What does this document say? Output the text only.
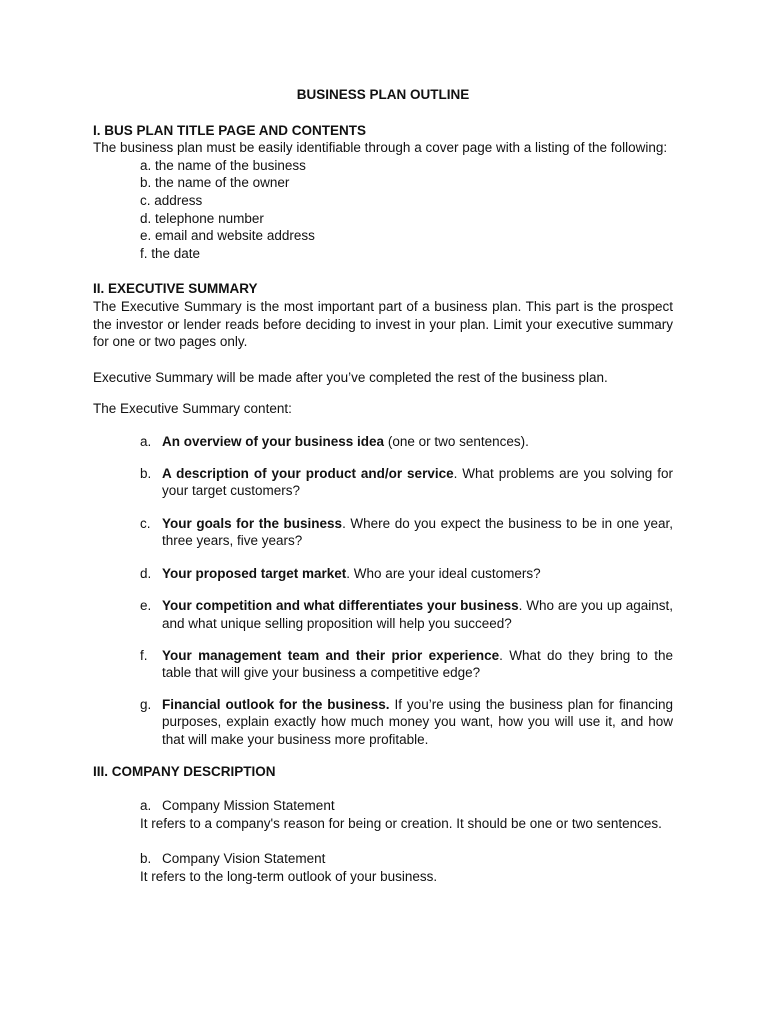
BUSINESS PLAN OUTLINE
I. BUS PLAN TITLE PAGE AND CONTENTS
The business plan must be easily identifiable through a cover page with a listing of the following:
a. the name of the business
b. the name of the owner
c. address
d. telephone number
e. email and website address
f. the date
II. EXECUTIVE SUMMARY
The Executive Summary is the most important part of a business plan. This part is the prospect the investor or lender reads before deciding to invest in your plan. Limit your executive summary for one or two pages only.
Executive Summary will be made after you’ve completed the rest of the business plan.
The Executive Summary content:
a. An overview of your business idea (one or two sentences).
b. A description of your product and/or service. What problems are you solving for your target customers?
c. Your goals for the business. Where do you expect the business to be in one year, three years, five years?
d. Your proposed target market. Who are your ideal customers?
e. Your competition and what differentiates your business. Who are you up against, and what unique selling proposition will help you succeed?
f. Your management team and their prior experience. What do they bring to the table that will give your business a competitive edge?
g. Financial outlook for the business. If you’re using the business plan for financing purposes, explain exactly how much money you want, how you will use it, and how that will make your business more profitable.
III. COMPANY DESCRIPTION
a. Company Mission Statement
It refers to a company's reason for being or creation. It should be one or two sentences.
b. Company Vision Statement
It refers to the long-term outlook of your business.
